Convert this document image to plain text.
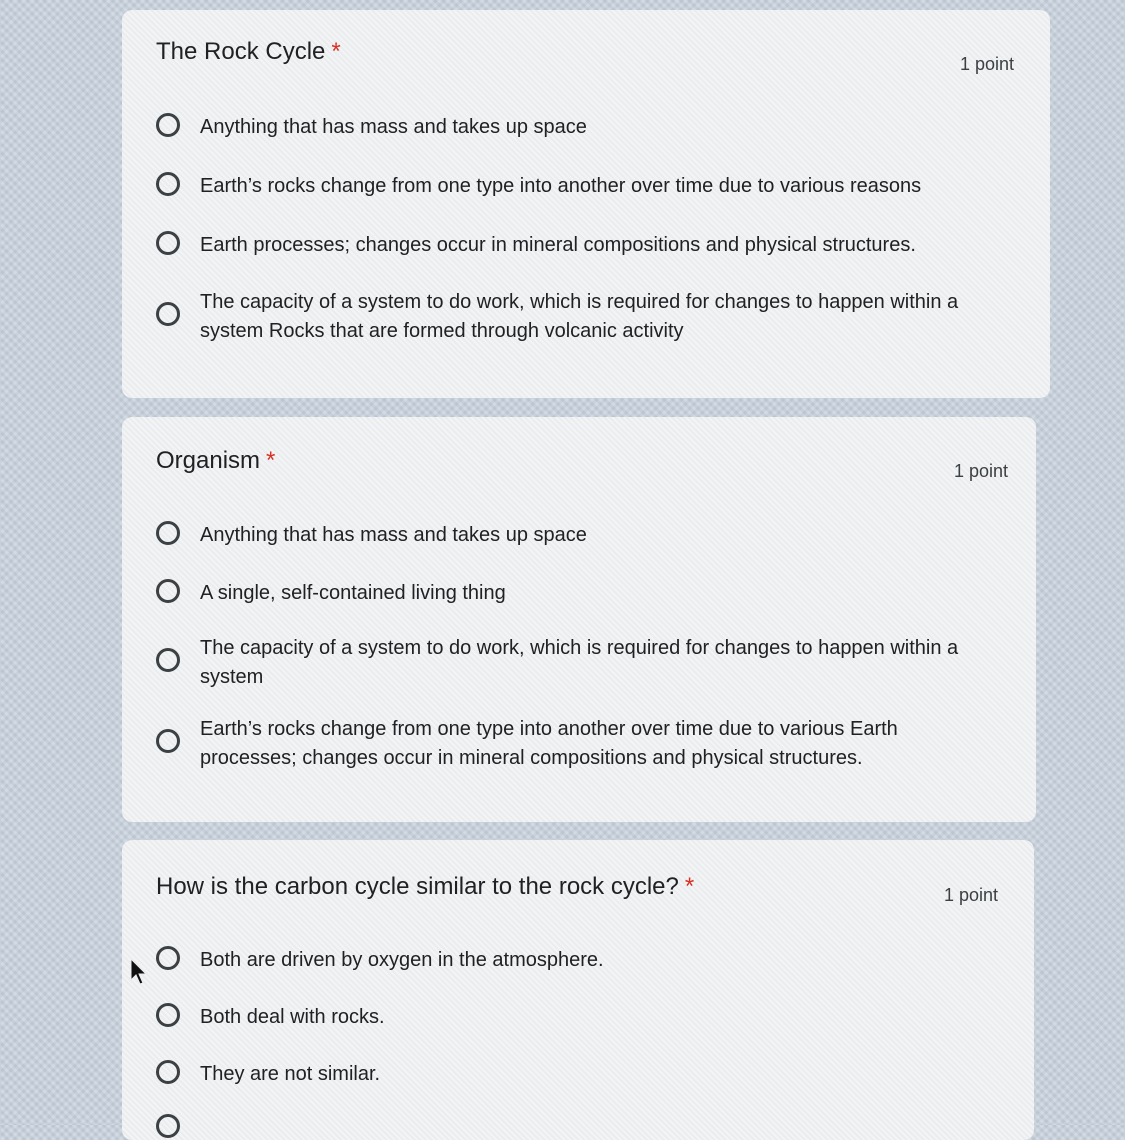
The Rock Cycle *	1 point
Anything that has mass and takes up space
Earth’s rocks change from one type into another over time due to various reasons
Earth processes; changes occur in mineral compositions and physical structures.
The capacity of a system to do work, which is required for changes to happen within a system Rocks that are formed through volcanic activity
Organism *	1 point
Anything that has mass and takes up space
A single, self-contained living thing
The capacity of a system to do work, which is required for changes to happen within a system
Earth’s rocks change from one type into another over time due to various Earth processes; changes occur in mineral compositions and physical structures.
How is the carbon cycle similar to the rock cycle? *	1 point
Both are driven by oxygen in the atmosphere.
Both deal with rocks.
They are not similar.
